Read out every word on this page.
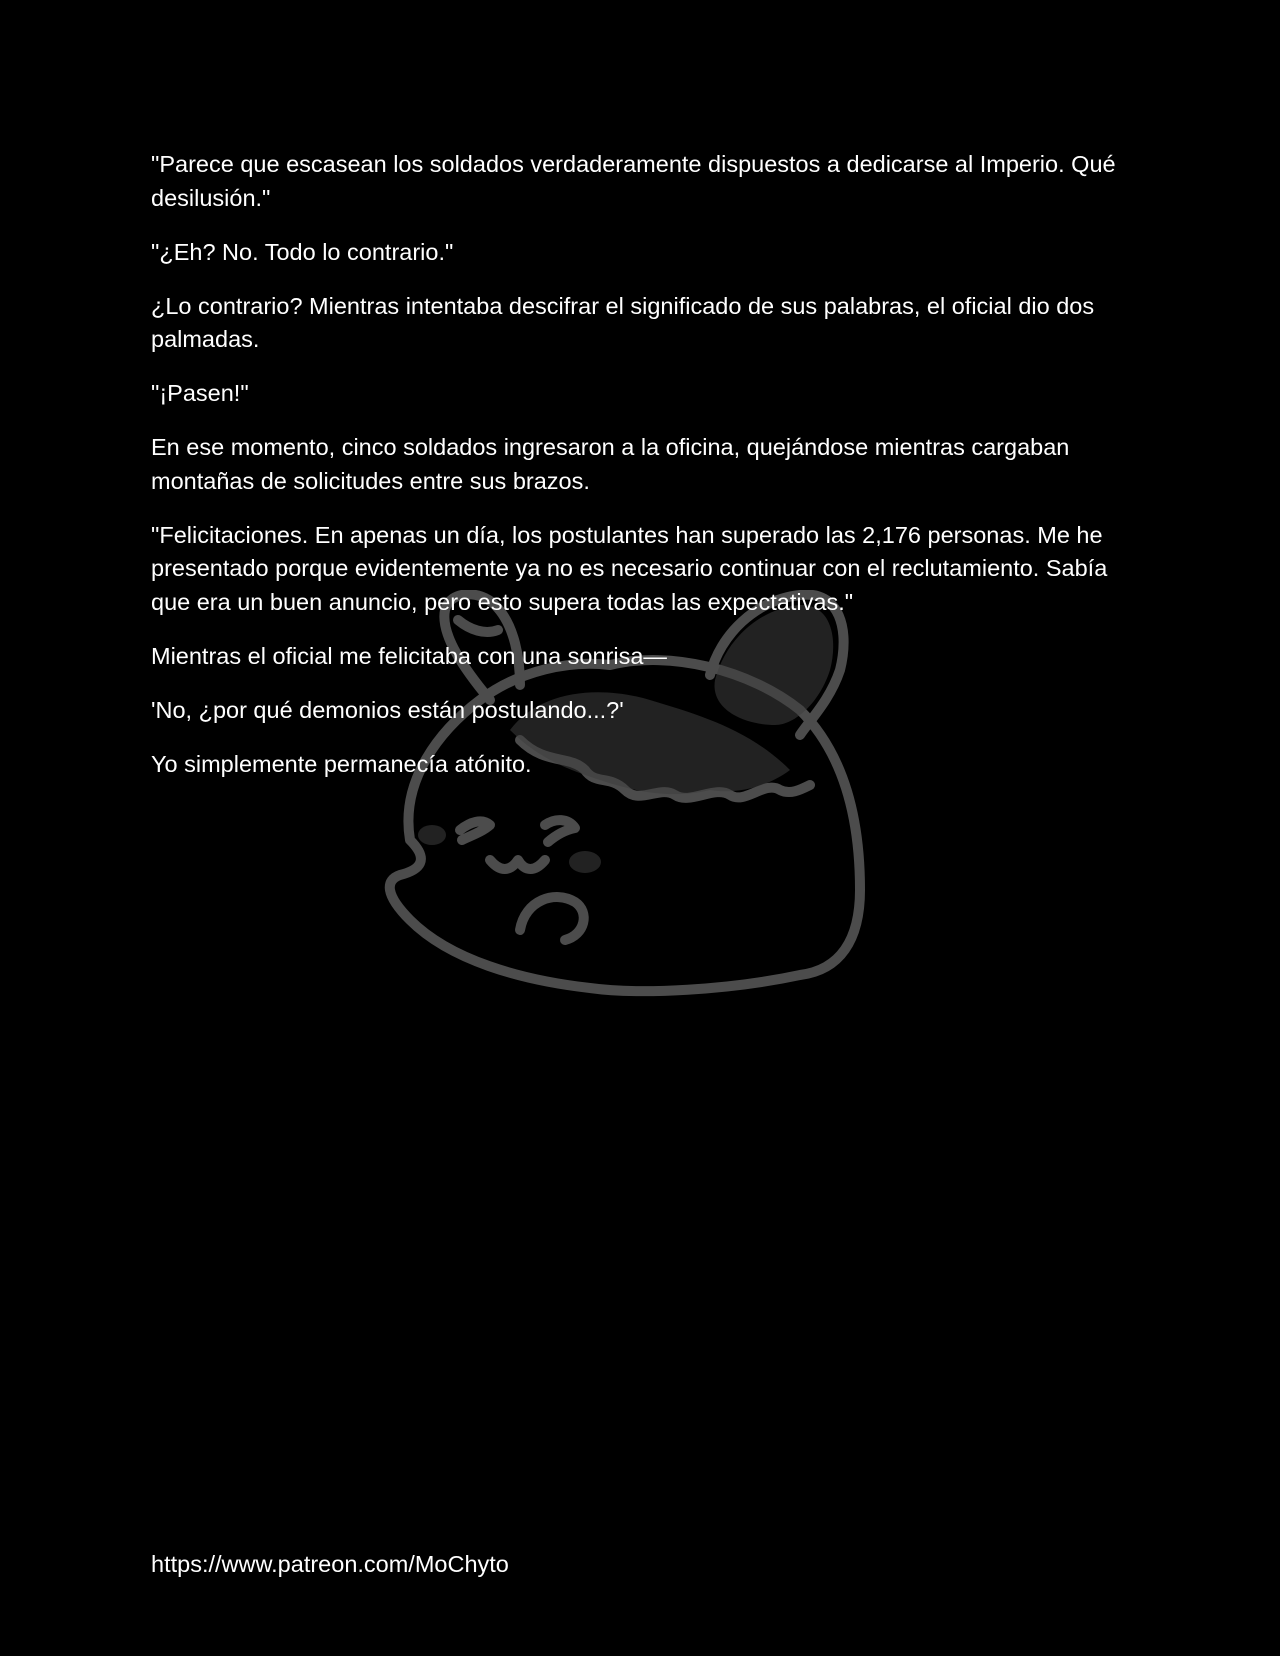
"Parece que escasean los soldados verdaderamente dispuestos a dedicarse al Imperio. Qué desilusión."

"¿Eh? No. Todo lo contrario."

¿Lo contrario? Mientras intentaba descifrar el significado de sus palabras, el oficial dio dos palmadas.

"¡Pasen!"

En ese momento, cinco soldados ingresaron a la oficina, quejándose mientras cargaban montañas de solicitudes entre sus brazos.

"Felicitaciones. En apenas un día, los postulantes han superado las 2,176 personas. Me he presentado porque evidentemente ya no es necesario continuar con el reclutamiento. Sabía que era un buen anuncio, pero esto supera todas las expectativas."

Mientras el oficial me felicitaba con una sonrisa—

'No, ¿por qué demonios están postulando...?'

Yo simplemente permanecía atónito.

https://www.patreon.com/MoChyto
